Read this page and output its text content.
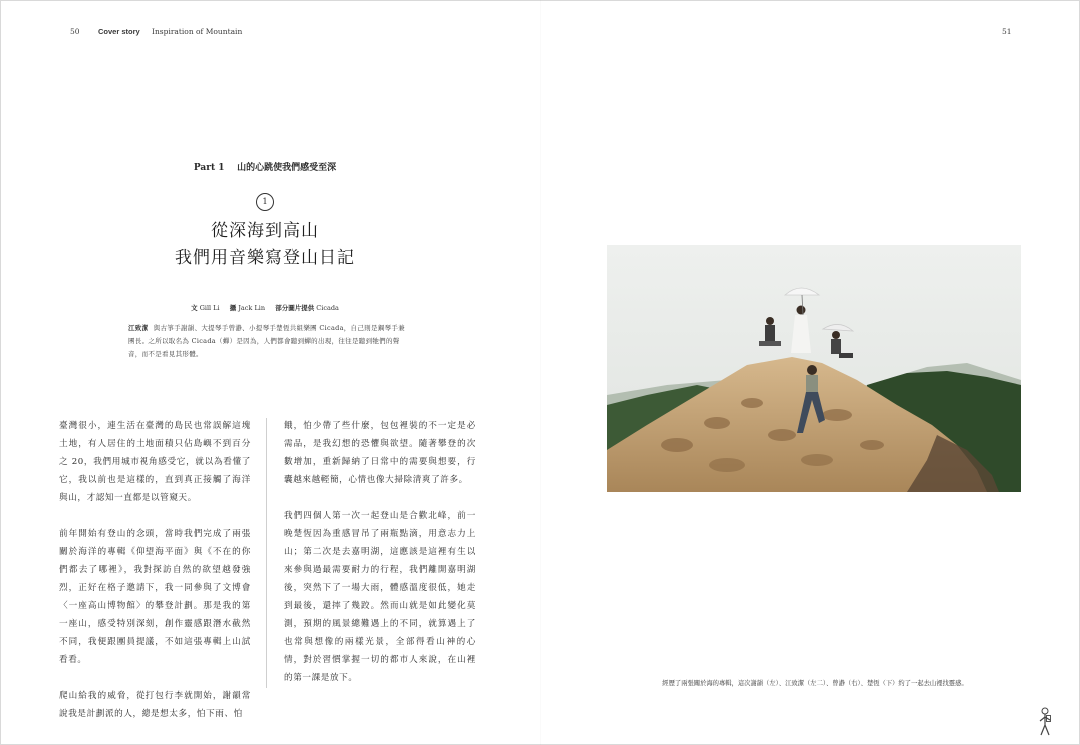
50 Cover story Inspiration of Mountain	51
Part 1 山的心跳使我們感受至深
1
從深海到高山
我們用音樂寫登山日記
文 Gill Li 攝 Jack Lin 部分圖片提供 Cicada

江致潔 與古箏手謝韻、大提琴手曾瀞、小提琴手楚恆共組樂團 Cicada，自己則是鋼琴手兼團長。之所以取名為 Cicada（蟬）是因為，人們都會聽到蟬的出現，往往是聽到牠們的聲音，而不是看見其形體。

臺灣很小，連生活在臺灣的島民也常誤解這塊土地，有人居住的土地面積只佔島嶼不到百分之 20，我們用城市視角感受它，就以為看懂了它，我以前也是這樣的，直到真正接觸了海洋與山，才認知一直都是以管窺天。

前年開始有登山的念頭，當時我們完成了兩張關於海洋的專輯《仰望海平面》與《不在的你們都去了哪裡》，我對探訪自然的欲望越發強烈，正好在格子邀請下，我一同參與了文博會〈一座高山博物館〉的攀登計劃。那是我的第一座山，感受特別深刻，創作靈感跟潛水截然不同，我便跟團員提議，不如這張專輯上山試看看。

爬山給我的威脅，從打包行李就開始，謝韻常說我是計劃派的人，總是想太多，怕下雨、怕

餓，怕少帶了些什麼，包包裡裝的不一定是必需品，是我幻想的恐懼與欲望。隨著攀登的次數增加，重新歸納了日常中的需要與想要，行囊越來越輕簡，心情也像大掃除清爽了許多。

我們四個人第一次一起登山是合歡北峰，前一晚楚恆因為重感冒吊了兩瓶點滴，用意志力上山；第二次是去嘉明湖，這應該是這裡有生以來參與過最需要耐力的行程，我們離開嘉明湖後，突然下了一場大雨，體感溫度很低，她走到最後，還摔了幾跤。然而山就是如此變化莫測，預期的風景總難遇上的不同，就算遇上了也常與想像的兩樣光景，全部得看山神的心情，對於習慣掌握一切的都市人來說，在山裡的第一課是放下。

經歷了兩張關於海的專輯，這次謝韻（左）、江致潔（左二）、曾瀞（右）、楚恆（下）約了一起去山裡找靈感。
